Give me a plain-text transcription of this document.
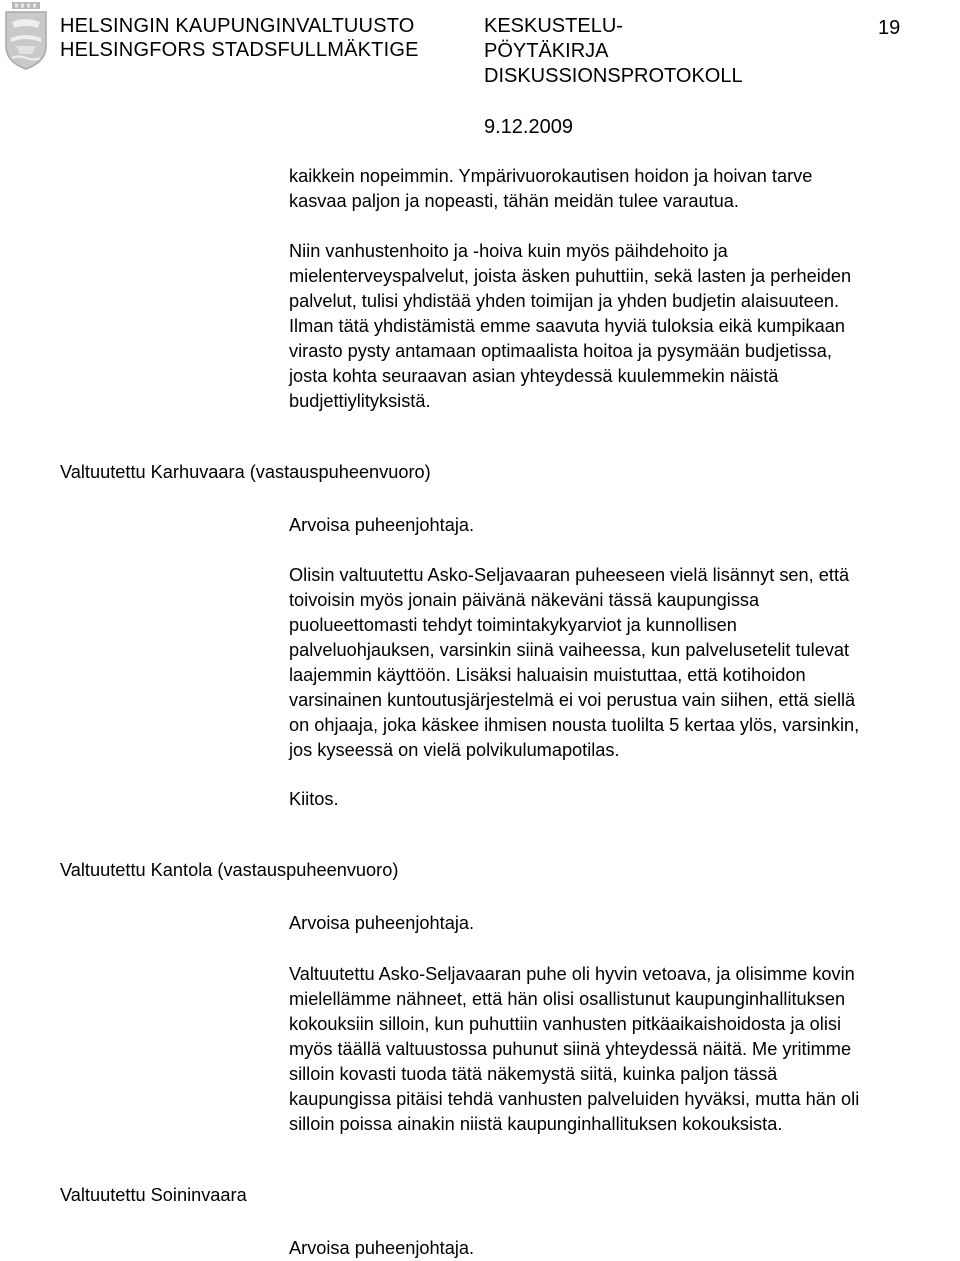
HELSINGIN KAUPUNGINVALTUUSTO
HELSINGFORS STADSFULLMÄKTIGE
KESKUSTELU-
PÖYTÄKIRJA
DISKUSSIONSPROTOKOLL
9.12.2009
19
kaikkein nopeimmin. Ympärivuorokautisen hoidon ja hoivan tarve
kasvaa paljon ja nopeasti, tähän meidän tulee varautua.
Niin vanhustenhoito ja -hoiva kuin myös päihdehoito ja
mielenterveyspalvelut, joista äsken puhuttiin, sekä lasten ja perheiden
palvelut, tulisi yhdistää yhden toimijan ja yhden budjetin alaisuuteen.
Ilman tätä yhdistämistä emme saavuta hyviä tuloksia eikä kumpikaan
virasto pysty antamaan optimaalista hoitoa ja pysymään budjetissa,
josta kohta seuraavan asian yhteydessä kuulemmekin näistä
budjettiylityksistä.
Valtuutettu Karhuvaara (vastauspuheenvuoro)
Arvoisa puheenjohtaja.
Olisin valtuutettu Asko-Seljavaaran puheeseen vielä lisännyt sen, että
toivoisin myös jonain päivänä näkeväni tässä kaupungissa
puolueettomasti tehdyt toimintakykyarviot ja kunnollisen
palveluohjauksen, varsinkin siinä vaiheessa, kun palvelusetelit tulevat
laajemmin käyttöön. Lisäksi haluaisin muistuttaa, että kotihoidon
varsinainen kuntoutusjärjestelmä ei voi perustua vain siihen, että siellä
on ohjaaja, joka käskee ihmisen nousta tuolilta 5 kertaa ylös, varsinkin,
jos kyseessä on vielä polvikulumapotilas.
Kiitos.
Valtuutettu Kantola (vastauspuheenvuoro)
Arvoisa puheenjohtaja.
Valtuutettu Asko-Seljavaaran puhe oli hyvin vetoava, ja olisimme kovin
mielellämme nähneet, että hän olisi osallistunut kaupunginhallituksen
kokouksiin silloin, kun puhuttiin vanhusten pitkäaikaishoidosta ja olisi
myös täällä valtuustossa puhunut siinä yhteydessä näitä. Me yritimme
silloin kovasti tuoda tätä näkemystä siitä, kuinka paljon tässä
kaupungissa pitäisi tehdä vanhusten palveluiden hyväksi, mutta hän oli
silloin poissa ainakin niistä kaupunginhallituksen kokouksista.
Valtuutettu Soininvaara
Arvoisa puheenjohtaja.
